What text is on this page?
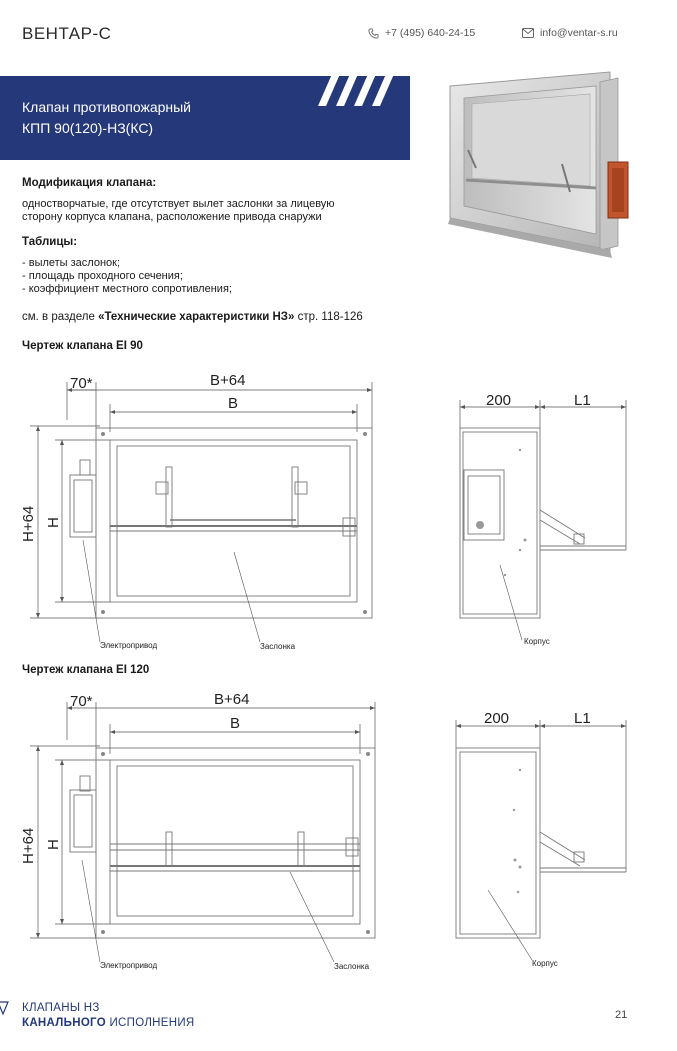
ВЕНТАР-С	+7 (495) 640-24-15	info@ventar-s.ru
Клапан противопожарный
КПП 90(120)-НЗ(КС)
Модификация клапана:
одностворчатые, где отсутствует вылет заслонки за лицевую
сторону корпуса клапана, расположение привода снаружи
Таблицы:
- вылеты заслонок;
- площадь проходного сечения;
- коэффициент местного сопротивления;
см. в разделе «Технические характеристики НЗ» стр. 118-126
Чертеж клапана EI 90
70*	B+64
B
H+64 H
Электропривод	Заслонка
Корпус
200	L1
Чертеж клапана EI 120
70*	B+64
B
H+64 H
Электропривод	Заслонка	Корпус
200	L1
КЛАПАНЫ НЗ
КАНАЛЬНОГО ИСПОЛНЕНИЯ
21
